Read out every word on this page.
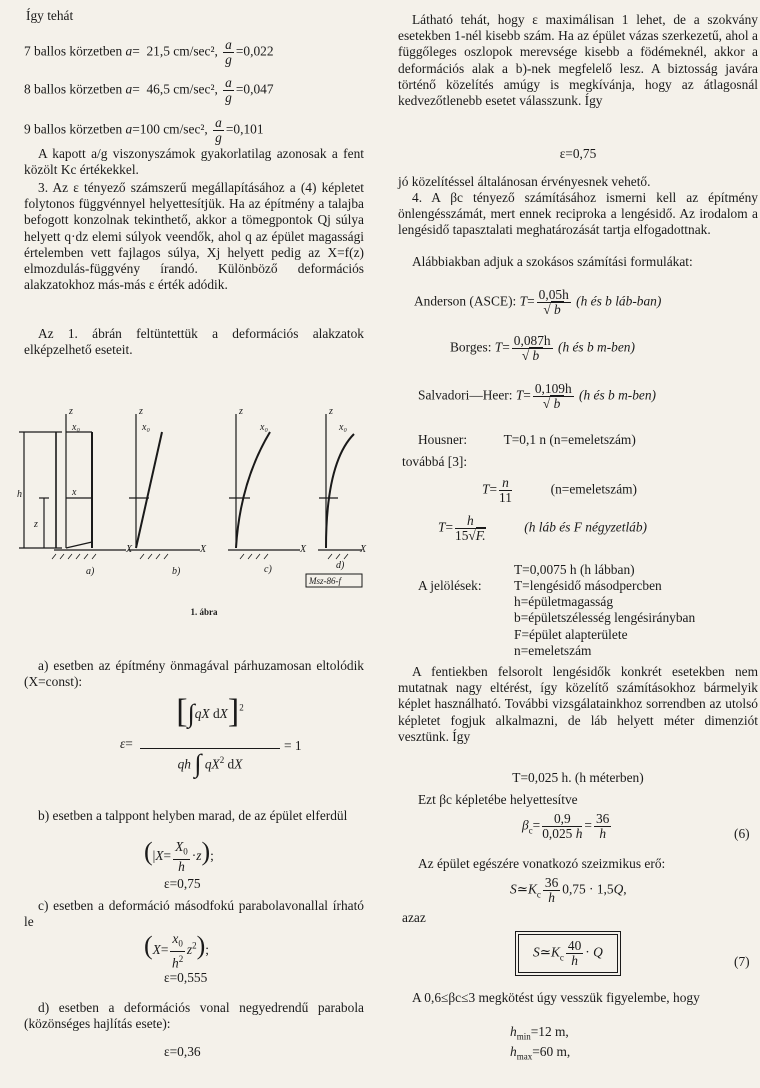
Így tehát
7 ballos körzetben a=  21,5 cm/sec², $\frac{a}{g} =0,022$
8 ballos körzetben a=  46,5 cm/sec², $\frac{a}{g} =0,047$
9 ballos körzetben a=100 cm/sec², $\frac{a}{g} =0,101$

A kapott a/g viszonyszámok gyakorlatilag azonosak a fent közölt Kc értékekkel.

3. Az ε tényező számszerű megállapításához a (4) képletet folytonos függvénnyel helyettesítjük. Ha az építmény a talajba befogott konzolnak tekinthető, akkor a tömegpontok Qj súlya helyett q·dz elemi súlyok veendők, ahol q az épület magassági értelemben vett fajlagos súlya, Xj helyett pedig az X=f(z) elmozdulás-függvény írandó. Különböző deformációs alakzatokhoz más-más ε érték adódik.

Az 1. ábrán feltüntettük a deformációs alakzatok elképzelhető eseteit.

z
x₀
h
z
x
X
z
x₀
X
z
x₀
X
z
x₀
X
a)	b)	c)	d)
Msz-86-f
1. ábra

a) esetben az építmény önmagával párhuzamosan eltolódik (X=const):

ε=
[∫qX dX]$^2$
qh ∫ $qX^2$ dX
= 1

b) esetben a talppont helyben marad, de az épület elferdül

$(|X= \frac{X_0}{h} \cdot z)$;
ε=0,75

c) esetben a deformáció másodfokú parabolavonallal írható le

$(X= \frac{x_0}{h^2} z^2)$;
ε=0,555

d) esetben a deformációs vonal negyedrendű parabola (közönséges hajlítás esete):

ε=0,36

Látható tehát, hogy ε maximálisan 1 lehet, de a szokvány esetekben 1-nél kisebb szám. Ha az épület vázas szerkezetű, ahol a függőleges oszlopok merevsége kisebb a födémeknél, akkor a deformációs alak a b)-nek megfelelő lesz. A biztosság javára történő közelítés amúgy is megkívánja, hogy az átlagosnál kedvezőtlenebb esetet válasszunk. Így

ε=0,75

jó közelítéssel általánosan érvényesnek vehető.

4. A βc tényező számításához ismerni kell az építmény önlengésszámát, mert ennek reciproka a lengésidő. Az irodalom a lengésidő tapasztalati meghatározását tartja elfogadottnak.

Alábbiakban adjuk a szokásos számítási formulákat:

Anderson (ASCE): $T= \frac{0,05h}{√ b} (h$ és b láb-ban)
Borges: $T= \frac{0,087h}{√ b} (h$ és b m-ben)
Salvadori—Heer: $T= \frac{0,109h}{√ b} (h$ és b m-ben)
Housner:	T=0,1 n (n=emeletszám)
továbbá [3]:
$T= \frac{n}{11}$	(n=emeletszám)
$T= \frac{h}{15√F.}$	(h láb és F négyzetláb)
T=0,0075 h (h lábban)
A jelölések: T=lengésidő másodpercben
h=épületmagasság
b=épületszélesség lengésirányban
F=épület alapterülete
n=emeletszám

A fentiekben felsorolt lengésidők konkrét esetekben nem mutatnak nagy eltérést, így közelítő számításokhoz bármelyik képlet használható. További vizsgálatainkhoz sorrendben az utolsó képletet fogjuk alkalmazni, de láb helyett méter dimenziót vesztünk. Így

T=0,025 h. (h méterben)
Ezt βc képletébe helyettesítve
$\beta_c= \frac{0,9}{0,025 h} = \frac{36}{h}$	(6)
Az épület egészére vonatkozó szeizmikus erő:
$S≃K_c \frac{36}{h} 0,75 \cdot 1,5Q$,
azaz
$S≃K_c \frac{40}{h} \cdot Q$
(7)

A 0,6≤βc≤3 megkötést úgy vesszük figyelembe, hogy

$h_{min}=12$ m,
$h_{max}=60$ m,
